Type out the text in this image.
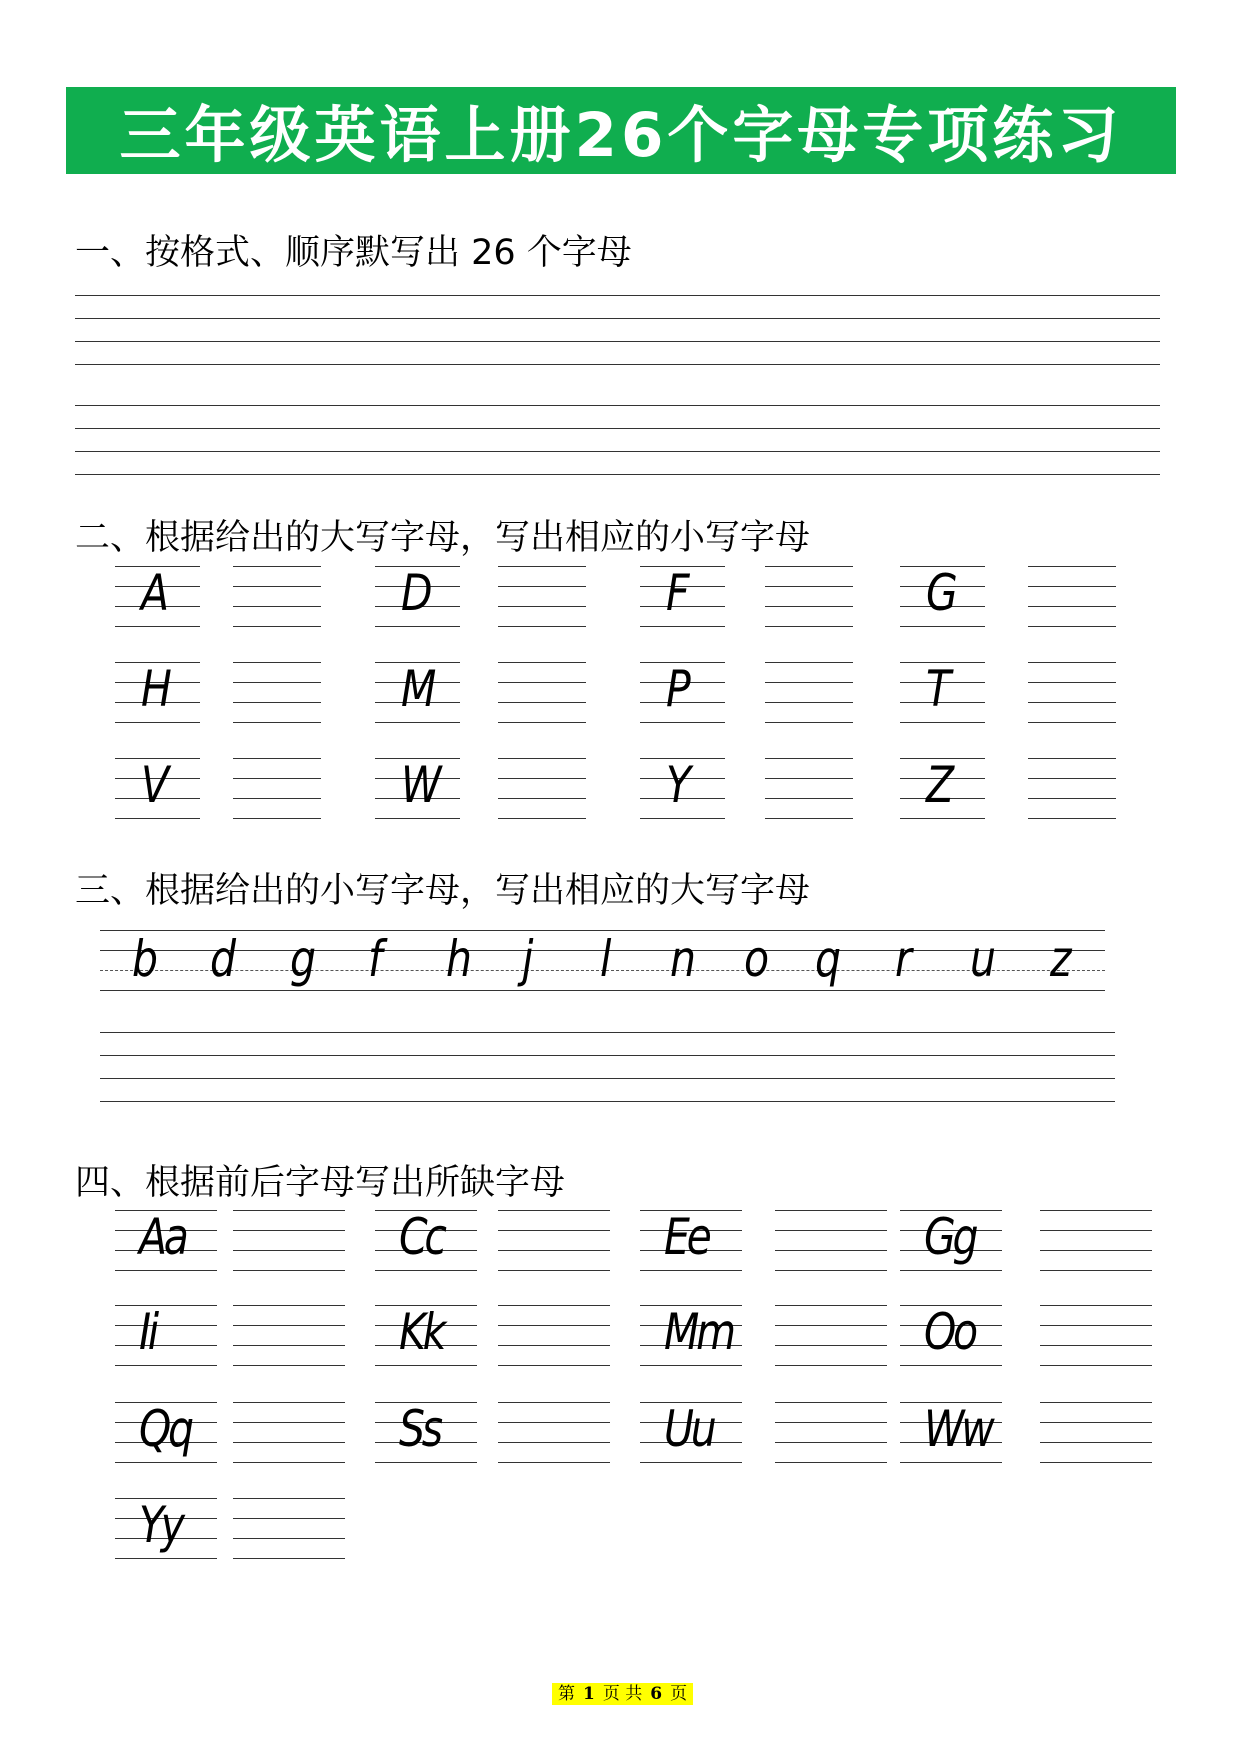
三年级英语上册26个字母专项练习
一、按格式、顺序默写出 26 个字母
二、根据给出的大写字母，写出相应的小写字母
A	D	F	G
H	M	P	T
V	W	Y	Z
三、根据给出的小写字母，写出相应的大写字母
b d g f h j l n o q r u z
四、根据前后字母写出所缺字母
Aa	Cc	Ee	Gg
Ii	Kk	Mm	Oo
Qq	Ss	Uu	Ww
Yy
第 1 页 共 6 页
